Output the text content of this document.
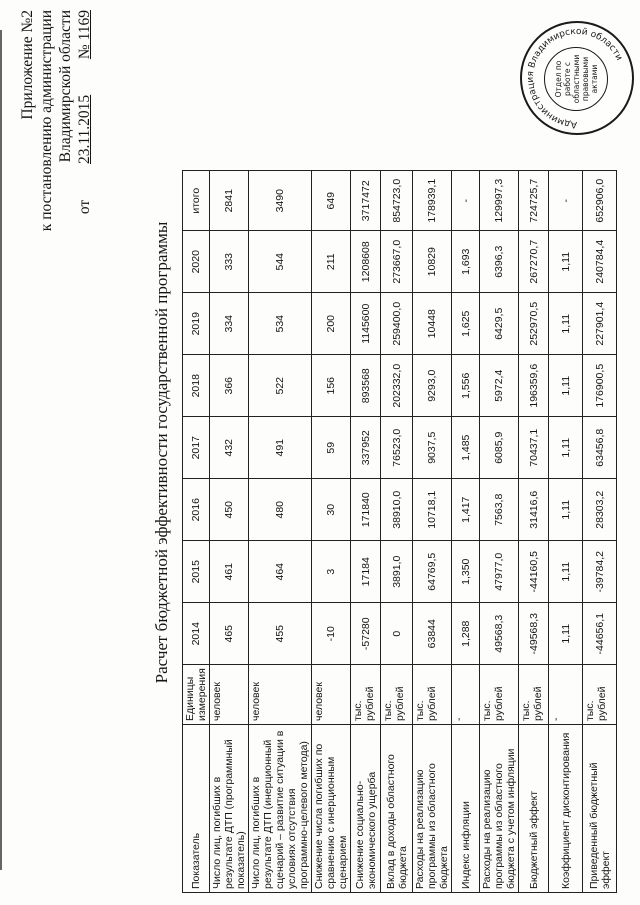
Приложение №2 к постановлению администрации Владимирской области
от  23.11.2015  № 1169
Расчет бюджетной эффективности государственной программы
Показатель	Единицы измерения	2014	2015	2016	2017	2018	2019	2020	итого
Число лиц, погибших в результате ДТП (программный показатель)	человек	465	461	450	432	366	334	333	2841
Число лиц, погибших в результате ДТП (инерционный сценарий – развитие ситуации в условиях отсутствия программно-целевого метода)	человек	455	464	480	491	522	534	544	3490
Снижение числа погибших по сравнению с инерционным сценарием	человек	-10	3	30	59	156	200	211	649
Снижение социально-экономического ущерба	тыс. рублей	-57280	17184	171840	337952	893568	1145600	1208608	3717472
Вклад в доходы областного бюджета	тыс. рублей	0	3891,0	38910,0	76523,0	202332,0	259400,0	273667,0	854723,0
Расходы на реализацию программы из областного бюджета	тыс. рублей	63844	64769,5	10718,1	9037,5	9293,0	10448	10829	178939,1
Индекс инфляции	-	1,288	1,350	1,417	1,485	1,556	1,625	1,693	-
Расходы на реализацию программы из областного бюджета с учетом инфляции	тыс. рублей	49568,3	47977,0	7563,8	6085,9	5972,4	6429,5	6396,3	129997,3
Бюджетный эффект	тыс. рублей	-49568,3	-44160,5	31416,6	70437,1	196359,6	252970,5	267270,7	724725,7
Коэффициент дисконтирования	-	1,11	1,11	1,11	1,11	1,11	1,11	1,11	-
Приведенный бюджетный эффект	тыс. рублей	-44656,1	-39784,2	28303,2	63456,8	176900,5	227901,4	240784,4	652906,0
Администрация Владимирской области
Отдел по работе с областными правовыми актами
